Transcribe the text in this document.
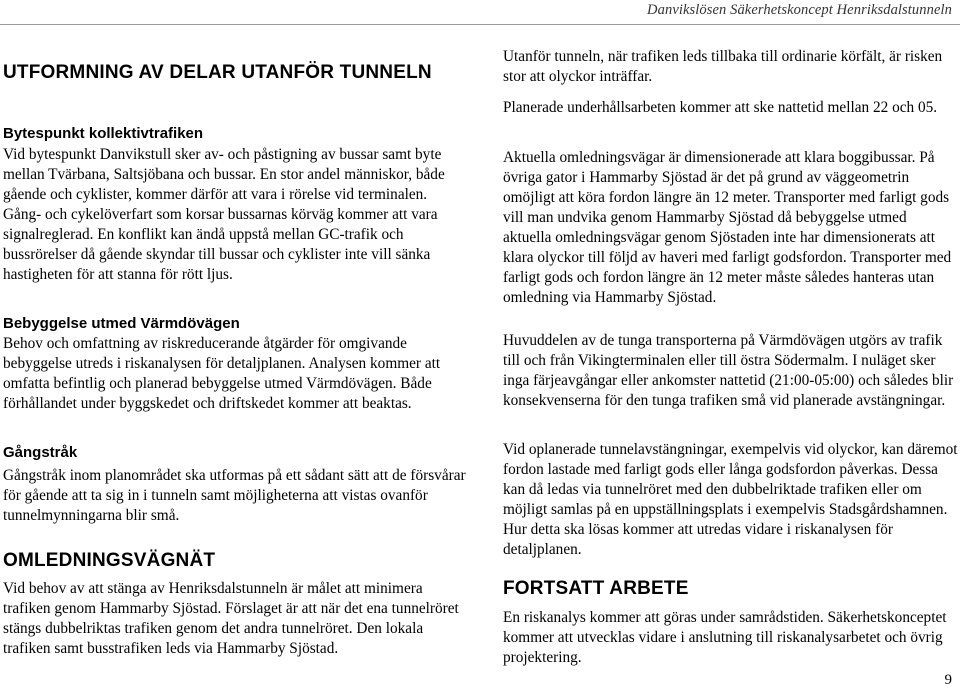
Danvikslösen Säkerhetskoncept Henriksdalstunneln
UTFORMNING AV DELAR UTANFÖR TUNNELN
Bytespunkt kollektivtrafiken
Vid bytespunkt Danvikstull sker av- och påstigning av bussar samt byte mellan Tvärbana, Saltsjöbana och bussar. En stor andel människor, både gående och cyklister, kommer därför att vara i rörelse vid terminalen. Gång- och cykelöverfart som korsar bussarnas körväg kommer att vara signalreglerad. En konflikt kan ändå uppstå mellan GC-trafik och bussrörelser då gående skyndar till bussar och cyklister inte vill sänka hastigheten för att stanna för rött ljus.
Bebyggelse utmed Värmdövägen
Behov och omfattning av riskreducerande åtgärder för omgivande bebyggelse utreds i riskanalysen för detaljplanen. Analysen kommer att omfatta befintlig och planerad bebyggelse utmed Värmdövägen. Både förhållandet under byggskedet och driftskedet kommer att beaktas.
Gångstråk
Gångstråk inom planområdet ska utformas på ett sådant sätt att de försvårar för gående att ta sig in i tunneln samt möjligheterna att vistas ovanför tunnelmynningarna blir små.
OMLEDNINGSVÄGNÄT
Vid behov av att stänga av Henriksdalstunneln är målet att minimera trafiken genom Hammarby Sjöstad. Förslaget är att när det ena tunnelröret stängs dubbelriktas trafiken genom det andra tunnelröret. Den lokala trafiken samt busstrafiken leds via Hammarby Sjöstad.
Utanför tunneln, när trafiken leds tillbaka till ordinarie körfält, är risken stor att olyckor inträffar.
Planerade underhållsarbeten kommer att ske nattetid mellan 22 och 05.
Aktuella omledningsvägar är dimensionerade att klara boggibussar. På övriga gator i Hammarby Sjöstad är det på grund av väggeometrin omöjligt att köra fordon längre än 12 meter. Transporter med farligt gods vill man undvika genom Hammarby Sjöstad då bebyggelse utmed aktuella omledningsvägar genom Sjöstaden inte har dimensionerats att klara olyckor till följd av haveri med farligt godsfordon. Transporter med farligt gods och fordon längre än 12 meter måste således hanteras utan omledning via Hammarby Sjöstad.
Huvuddelen av de tunga transporterna på Värmdövägen utgörs av trafik till och från Vikingterminalen eller till östra Södermalm. I nuläget sker inga färjeavgångar eller ankomster nattetid (21:00-05:00) och således blir konsekvenserna för den tunga trafiken små vid planerade avstängningar.
Vid oplanerade tunnelavstängningar, exempelvis vid olyckor, kan däremot fordon lastade med farligt gods eller långa godsfordon påverkas. Dessa kan då ledas via tunnelröret med den dubbelriktade trafiken eller om möjligt samlas på en uppställningsplats i exempelvis Stadsgårdshamnen. Hur detta ska lösas kommer att utredas vidare i riskanalysen för detaljplanen.
FORTSATT ARBETE
En riskanalys kommer att göras under samrådstiden. Säkerhetskonceptet kommer att utvecklas vidare i anslutning till riskanalysarbetet och övrig projektering.
9
